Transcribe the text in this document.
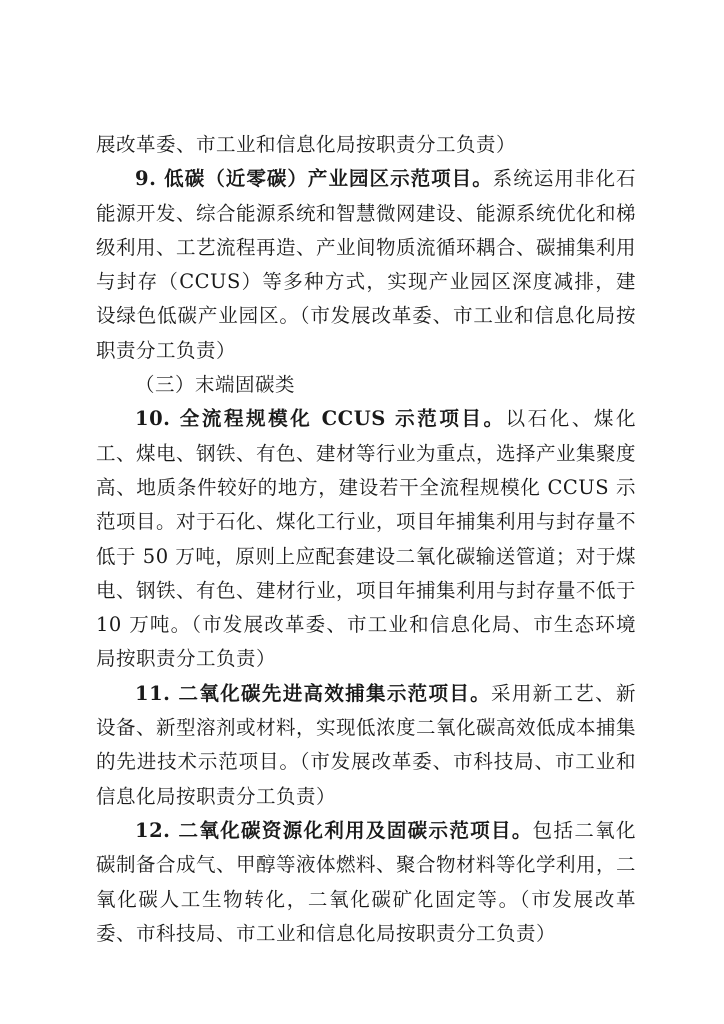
展改革委、市工业和信息化局按职责分工负责）

9. 低碳（近零碳）产业园区示范项目。系统运用非化石能源开发、综合能源系统和智慧微网建设、能源系统优化和梯级利用、工艺流程再造、产业间物质流循环耦合、碳捕集利用与封存（CCUS）等多种方式，实现产业园区深度减排，建设绿色低碳产业园区。（市发展改革委、市工业和信息化局按职责分工负责）

（三）末端固碳类

10. 全流程规模化 CCUS 示范项目。以石化、煤化工、煤电、钢铁、有色、建材等行业为重点，选择产业集聚度高、地质条件较好的地方，建设若干全流程规模化 CCUS 示范项目。对于石化、煤化工行业，项目年捕集利用与封存量不低于 50 万吨，原则上应配套建设二氧化碳输送管道；对于煤电、钢铁、有色、建材行业，项目年捕集利用与封存量不低于 10 万吨。（市发展改革委、市工业和信息化局、市生态环境局按职责分工负责）

11. 二氧化碳先进高效捕集示范项目。采用新工艺、新设备、新型溶剂或材料，实现低浓度二氧化碳高效低成本捕集的先进技术示范项目。（市发展改革委、市科技局、市工业和信息化局按职责分工负责）

12. 二氧化碳资源化利用及固碳示范项目。包括二氧化碳制备合成气、甲醇等液体燃料、聚合物材料等化学利用，二氧化碳人工生物转化，二氧化碳矿化固定等。（市发展改革委、市科技局、市工业和信息化局按职责分工负责）
